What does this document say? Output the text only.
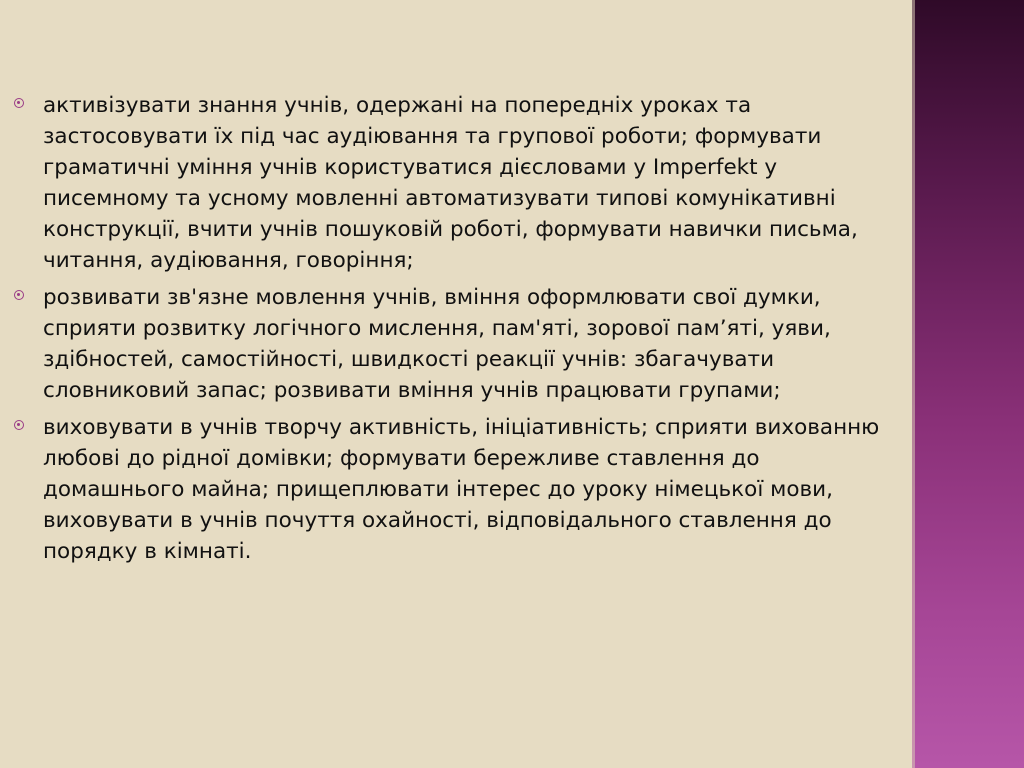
активізувати знання учнів, одержані на попередніх уроках та застосовувати їх під час аудіювання та групової роботи; формувати граматичні уміння учнів користуватися дієсловами у Imperfekt у писемному та усному мовленні автоматизувати типові комунікативні конструкції, вчити учнів пошуковій роботі, формувати навички письма, читання, аудіювання, говоріння;
розвивати зв'язне мовлення учнів, вміння оформлювати свої думки, сприяти розвитку логічного мислення, пам'яті, зорової пам’яті, уяви, здібностей, самостійності, швидкості реакції учнів: збагачувати словниковий запас; розвивати вміння учнів працювати групами;
виховувати в учнів творчу активність, ініціативність; сприяти вихованню любові до рідної домівки; формувати бережливе ставлення до домашнього майна; прищеплювати інтерес до уроку німецької мови, виховувати в учнів почуття охайності, відповідального ставлення до порядку в кімнаті.
